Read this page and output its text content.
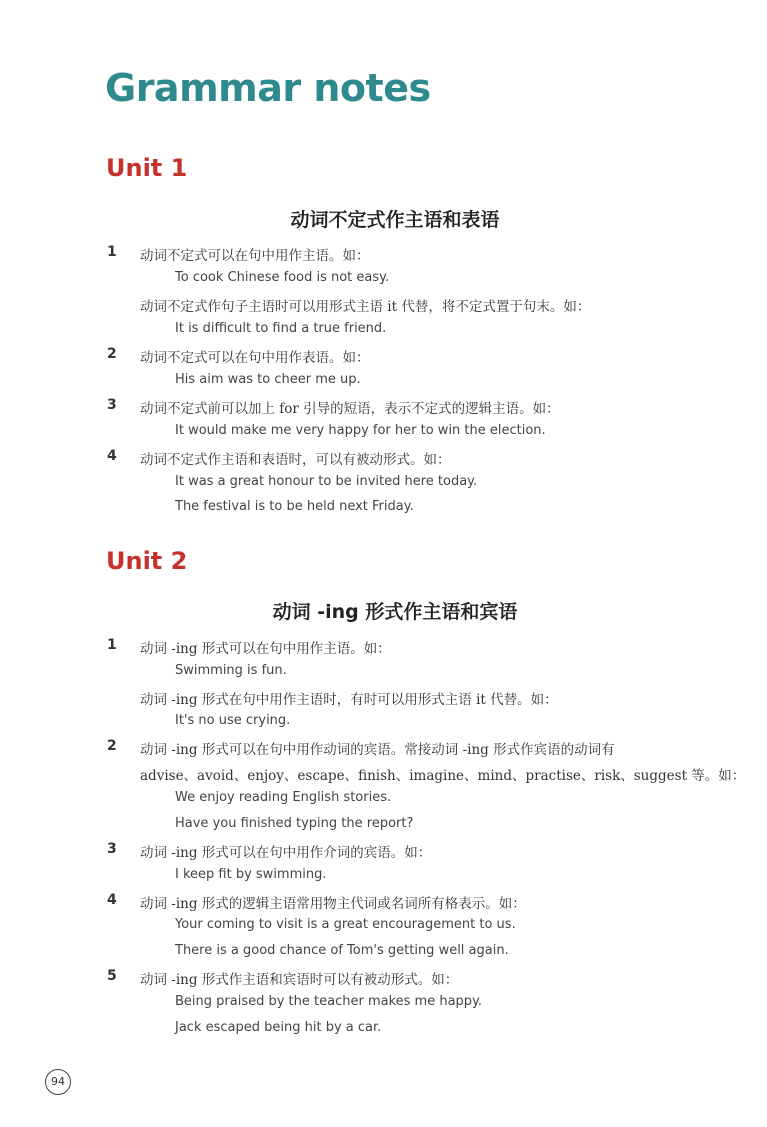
Grammar notes
Unit 1
动词不定式作主语和表语
1 动词不定式可以在句中用作主语。如：
To cook Chinese food is not easy.
动词不定式作句子主语时可以用形式主语 it 代替，将不定式置于句末。如：
It is difficult to find a true friend.
2 动词不定式可以在句中用作表语。如：
His aim was to cheer me up.
3 动词不定式前可以加上 for 引导的短语，表示不定式的逻辑主语。如：
It would make me very happy for her to win the election.
4 动词不定式作主语和表语时，可以有被动形式。如：
It was a great honour to be invited here today.
The festival is to be held next Friday.
Unit 2
动词 -ing 形式作主语和宾语
1 动词 -ing 形式可以在句中用作主语。如：
Swimming is fun.
动词 -ing 形式在句中用作主语时，有时可以用形式主语 it 代替。如：
It's no use crying.
2 动词 -ing 形式可以在句中用作动词的宾语。常接动词 -ing 形式作宾语的动词有
advise、avoid、enjoy、escape、finish、imagine、mind、practise、risk、suggest 等。如：
We enjoy reading English stories.
Have you finished typing the report?
3 动词 -ing 形式可以在句中用作介词的宾语。如：
I keep fit by swimming.
4 动词 -ing 形式的逻辑主语常用物主代词或名词所有格表示。如：
Your coming to visit is a great encouragement to us.
There is a good chance of Tom's getting well again.
5 动词 -ing 形式作主语和宾语时可以有被动形式。如：
Being praised by the teacher makes me happy.
Jack escaped being hit by a car.
94
